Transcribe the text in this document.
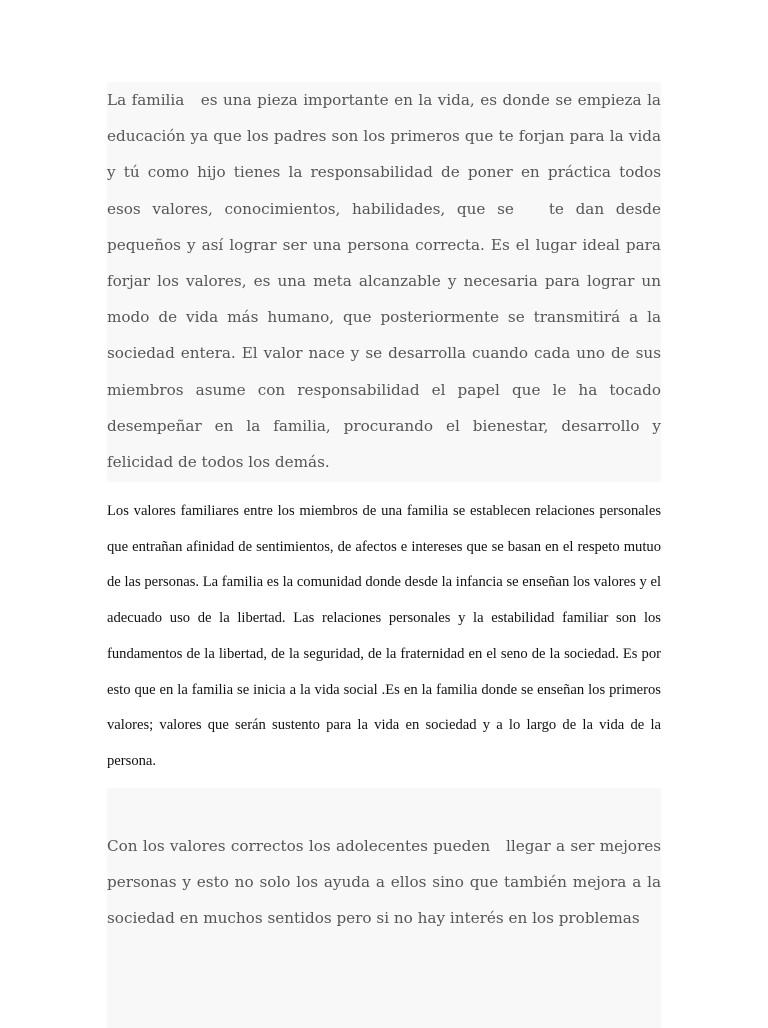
La familia   es una pieza importante en la vida, es donde se empieza la educación ya que los padres son los primeros que te forjan para la vida y tú como hijo tienes la responsabilidad de poner en práctica todos esos valores, conocimientos, habilidades, que se   te dan desde pequeños y así lograr ser una persona correcta. Es el lugar ideal para forjar los valores, es una meta alcanzable y necesaria para lograr un modo de vida más humano, que posteriormente se transmitirá a la sociedad entera. El valor nace y se desarrolla cuando cada uno de sus miembros asume con responsabilidad el papel que le ha tocado desempeñar en la familia, procurando el bienestar, desarrollo y felicidad de todos los demás.

Los valores familiares entre los miembros de una familia se establecen relaciones personales que entrañan afinidad de sentimientos, de afectos e intereses que se basan en el respeto mutuo de las personas. La familia es la comunidad donde desde la infancia se enseñan los valores y el adecuado uso de la libertad. Las relaciones personales y la estabilidad familiar son los fundamentos de la libertad, de la seguridad, de la fraternidad en el seno de la sociedad. Es por esto que en la familia se inicia a la vida social .Es en la familia donde se enseñan los primeros valores; valores que serán sustento para la vida en sociedad y a lo largo de la vida de la persona.

Con los valores correctos los adolecentes pueden   llegar a ser mejores personas y esto no solo los ayuda a ellos sino que también mejora a la sociedad en muchos sentidos pero si no hay interés en los problemas
